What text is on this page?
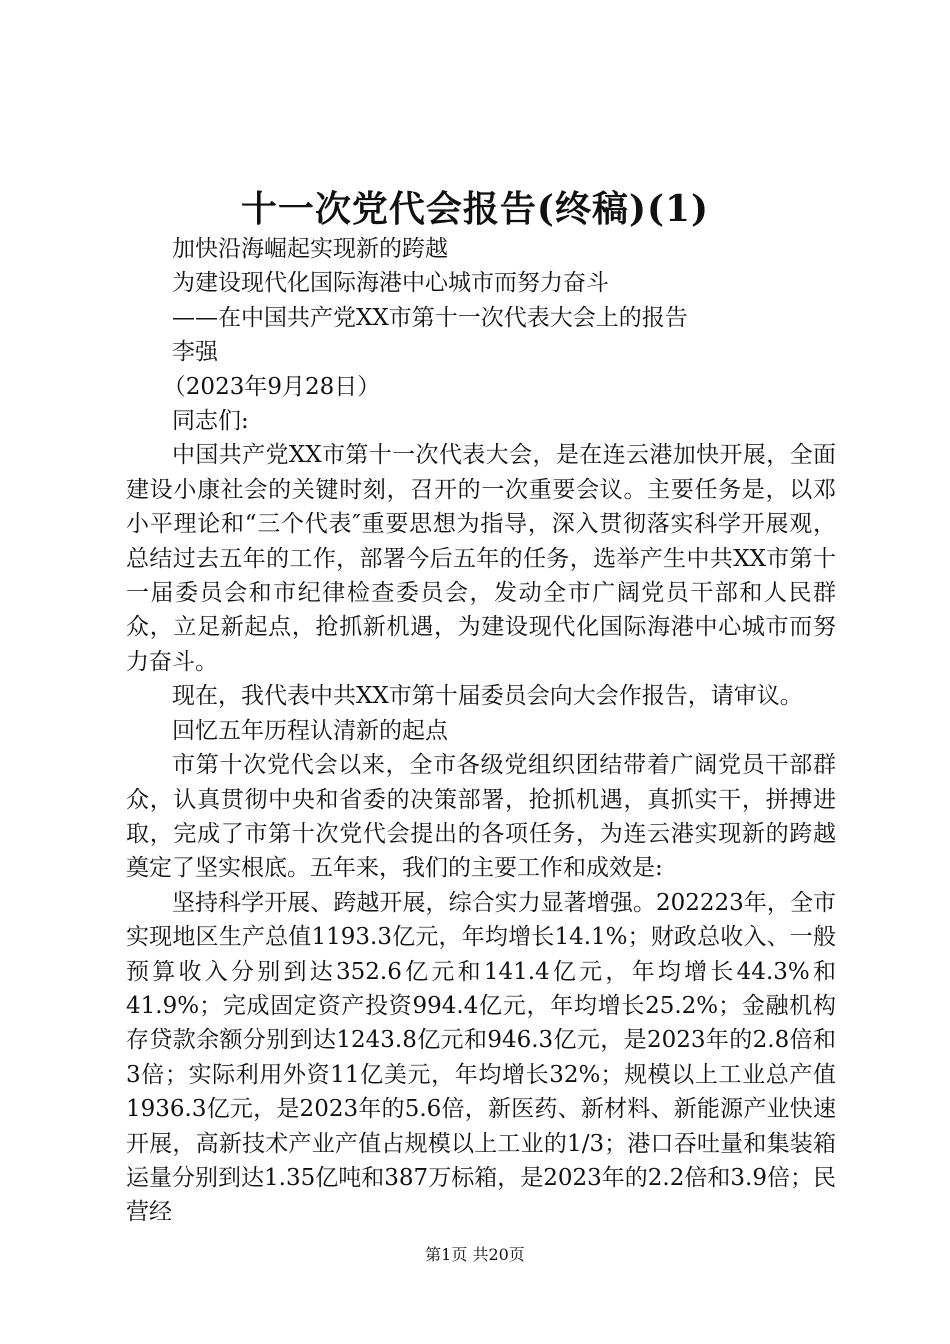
十一次党代会报告(终稿)(1)

加快沿海崛起实现新的跨越

为建设现代化国际海港中心城市而努力奋斗

——在中国共产党XX市第十一次代表大会上的报告

李强

（2023年9月28日）

同志们:

中国共产党XX市第十一次代表大会，是在连云港加快开展，全面建设小康社会的关键时刻，召开的一次重要会议。主要任务是，以邓小平理论和“三个代表″重要思想为指导，深入贯彻落实科学开展观，总结过去五年的工作，部署今后五年的任务，选举产生中共XX市第十一届委员会和市纪律检查委员会，发动全市广阔党员干部和人民群众，立足新起点，抢抓新机遇，为建设现代化国际海港中心城市而努力奋斗。

现在，我代表中共XX市第十届委员会向大会作报告，请审议。

回忆五年历程认清新的起点

市第十次党代会以来，全市各级党组织团结带着广阔党员干部群众，认真贯彻中央和省委的决策部署，抢抓机遇，真抓实干，拼搏进取，完成了市第十次党代会提出的各项任务，为连云港实现新的跨越奠定了坚实根底。五年来，我们的主要工作和成效是:

坚持科学开展、跨越开展，综合实力显著增强。202223年，全市实现地区生产总值1193.3亿元，年均增长14.1%；财政总收入、一般预算收入分别到达352.6亿元和141.4亿元，年均增长44.3%和41.9%；完成固定资产投资994.4亿元，年均增长25.2%；金融机构存贷款余额分别到达1243.8亿元和946.3亿元，是2023年的2.8倍和3倍；实际利用外资11亿美元，年均增长32%；规模以上工业总产值1936.3亿元，是2023年的5.6倍，新医药、新材料、新能源产业快速开展，高新技术产业产值占规模以上工业的1/3；港口吞吐量和集装箱运量分别到达1.35亿吨和387万标箱，是2023年的2.2倍和3.9倍；民营经

第1页 共20页
